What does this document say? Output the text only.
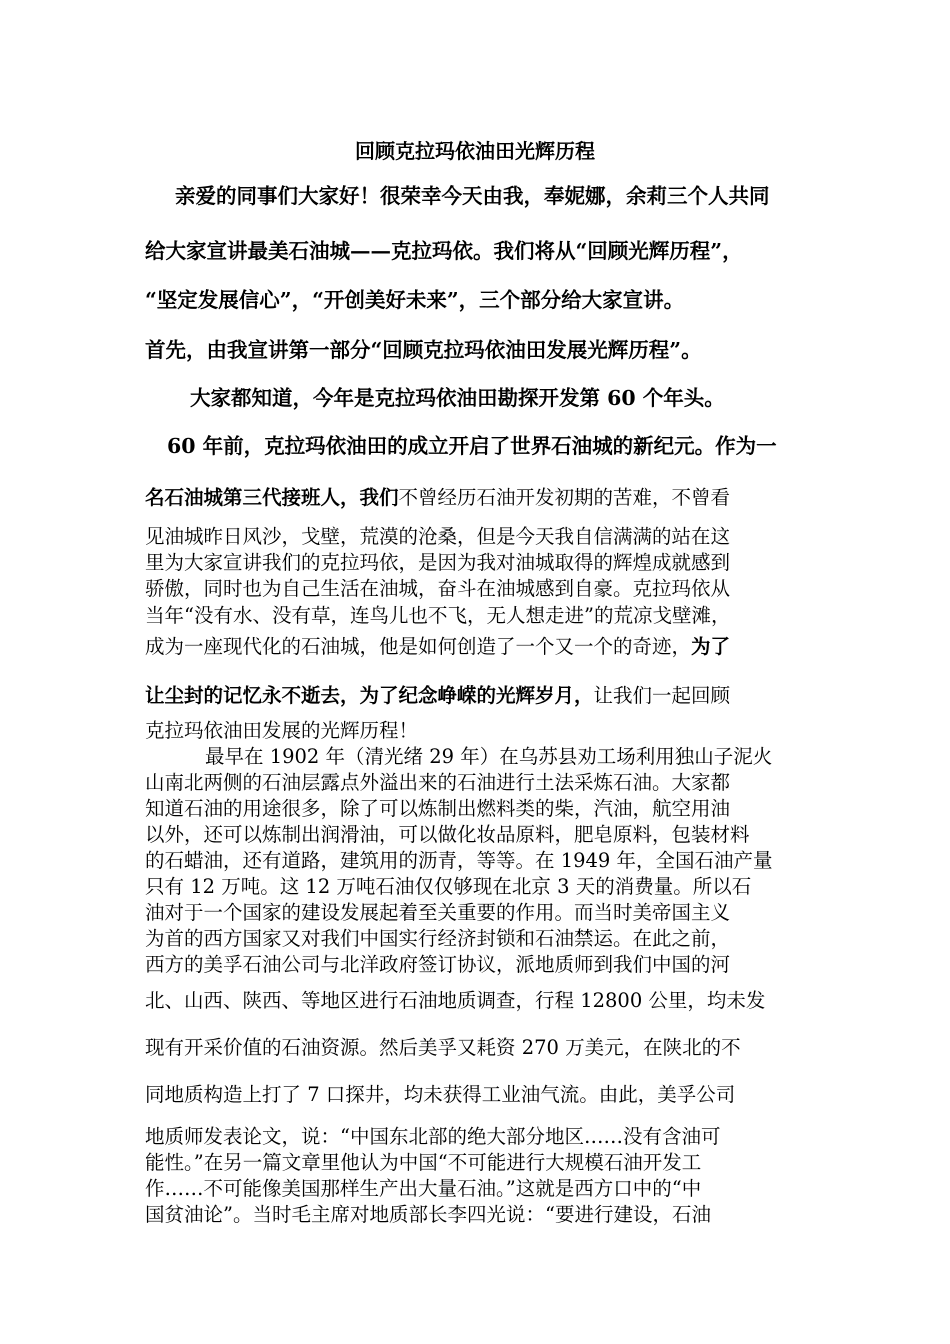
回顾克拉玛依油田光辉历程
亲爱的同事们大家好！很荣幸今天由我，奉妮娜，余莉三个人共同
给大家宣讲最美石油城——克拉玛依。我们将从“回顾光辉历程”，
“坚定发展信心”，“开创美好未来”，三个部分给大家宣讲。
首先，由我宣讲第一部分“回顾克拉玛依油田发展光辉历程”。
大家都知道，今年是克拉玛依油田勘探开发第 60 个年头。
60 年前，克拉玛依油田的成立开启了世界石油城的新纪元。作为一
名石油城第三代接班人，我们不曾经历石油开发初期的苦难，不曾看
见油城昨日风沙，戈壁，荒漠的沧桑，但是今天我自信满满的站在这
里为大家宣讲我们的克拉玛依，是因为我对油城取得的辉煌成就感到
骄傲，同时也为自己生活在油城，奋斗在油城感到自豪。克拉玛依从
当年“没有水、没有草，连鸟儿也不飞，无人想走进”的荒凉戈壁滩，
成为一座现代化的石油城，他是如何创造了一个又一个的奇迹，为了
让尘封的记忆永不逝去，为了纪念峥嵘的光辉岁月，让我们一起回顾
克拉玛依油田发展的光辉历程！
最早在 1902 年（清光绪 29 年）在乌苏县劝工场利用独山子泥火
山南北两侧的石油层露点外溢出来的石油进行土法采炼石油。大家都
知道石油的用途很多，除了可以炼制出燃料类的柴，汽油，航空用油
以外，还可以炼制出润滑油，可以做化妆品原料，肥皂原料，包装材料
的石蜡油，还有道路，建筑用的沥青，等等。在 1949 年，全国石油产量
只有 12 万吨。这 12 万吨石油仅仅够现在北京 3 天的消费量。所以石
油对于一个国家的建设发展起着至关重要的作用。而当时美帝国主义
为首的西方国家又对我们中国实行经济封锁和石油禁运。在此之前，
西方的美孚石油公司与北洋政府签订协议，派地质师到我们中国的河
北、山西、陕西、等地区进行石油地质调查，行程 12800 公里，均未发
现有开采价值的石油资源。然后美孚又耗资 270 万美元，在陕北的不
同地质构造上打了 7 口探井，均未获得工业油气流。由此，美孚公司
地质师发表论文，说：“中国东北部的绝大部分地区……没有含油可
能性。”在另一篇文章里他认为中国“不可能进行大规模石油开发工
作……不可能像美国那样生产出大量石油。”这就是西方口中的“中
国贫油论”。当时毛主席对地质部长李四光说：“要进行建设，石油
